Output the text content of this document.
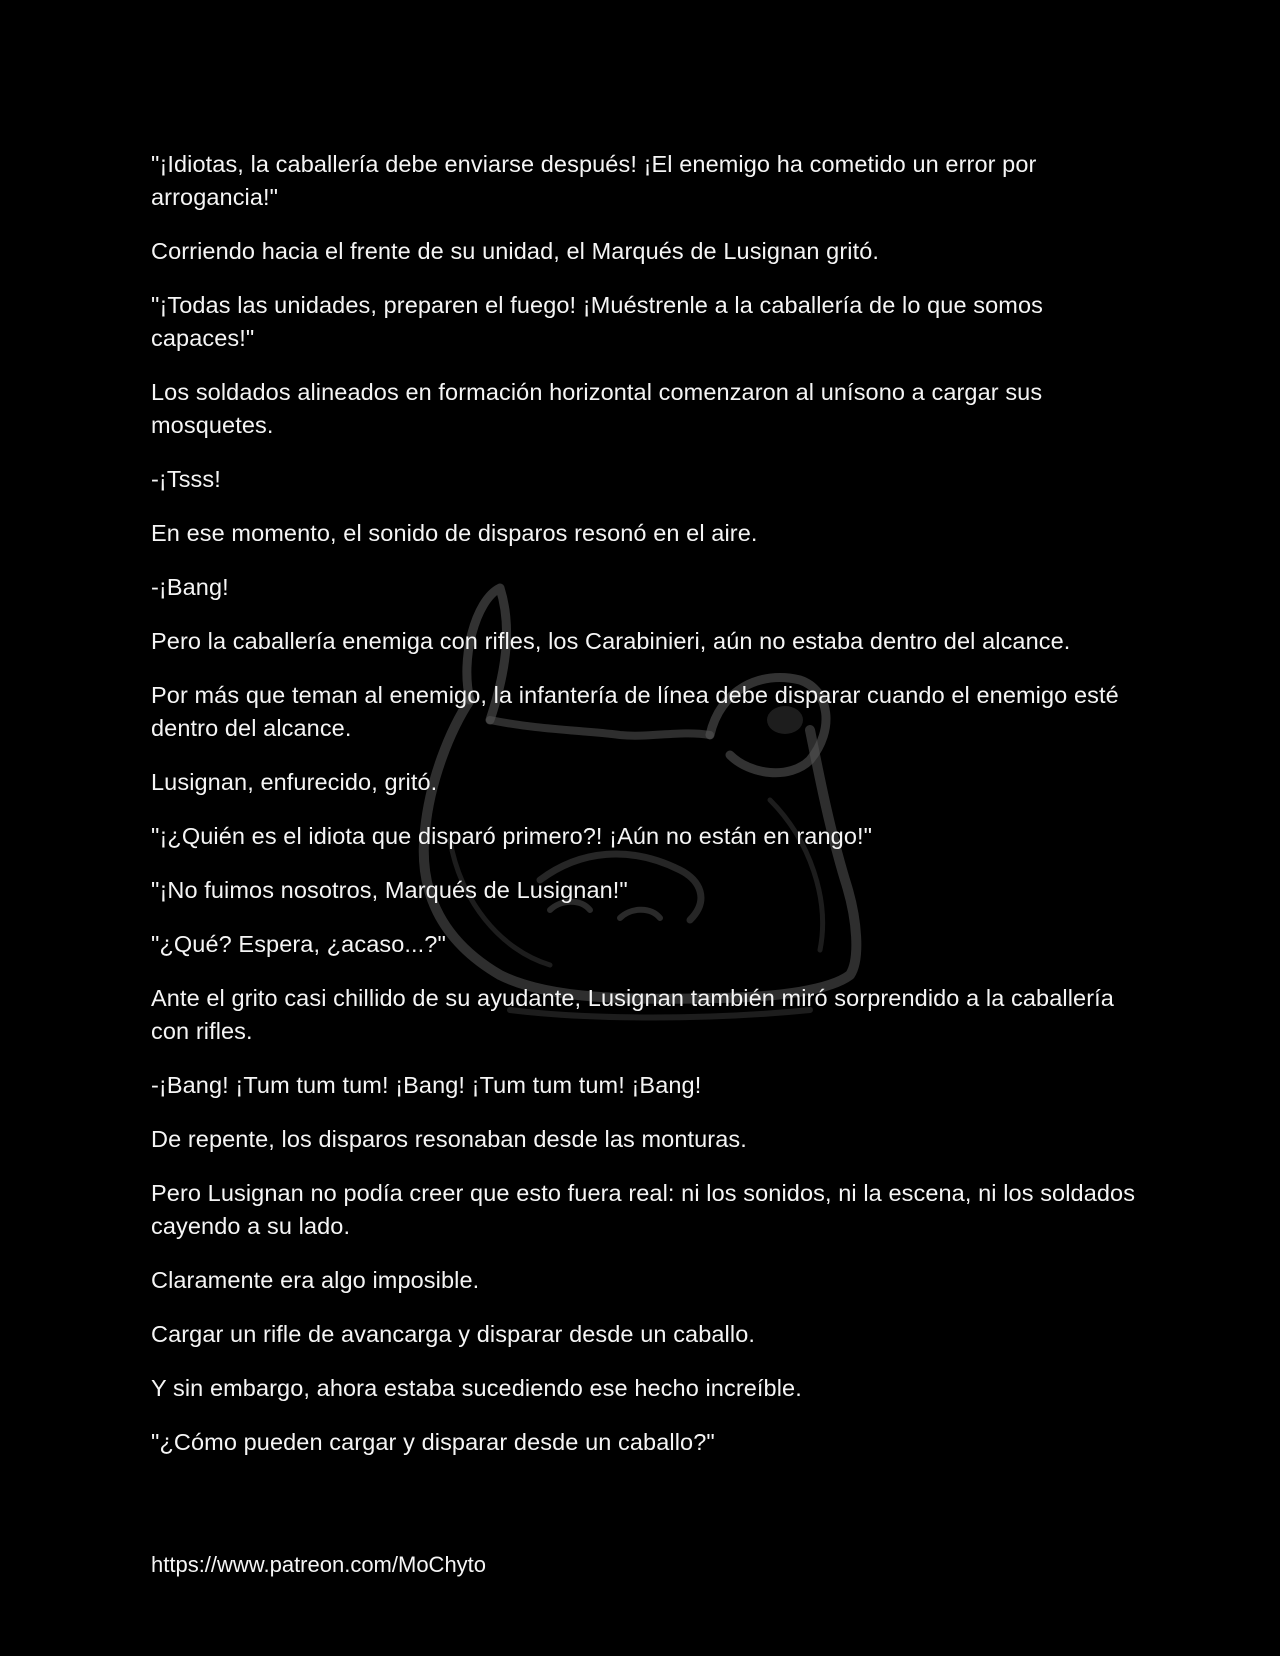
"¡Idiotas, la caballería debe enviarse después! ¡El enemigo ha cometido un error por arrogancia!"

Corriendo hacia el frente de su unidad, el Marqués de Lusignan gritó.

"¡Todas las unidades, preparen el fuego! ¡Muéstrenle a la caballería de lo que somos capaces!"

Los soldados alineados en formación horizontal comenzaron al unísono a cargar sus mosquetes.

-¡Tsss!

En ese momento, el sonido de disparos resonó en el aire.

-¡Bang!

Pero la caballería enemiga con rifles, los Carabinieri, aún no estaba dentro del alcance.

Por más que teman al enemigo, la infantería de línea debe disparar cuando el enemigo esté dentro del alcance.

Lusignan, enfurecido, gritó.

"¡¿Quién es el idiota que disparó primero?! ¡Aún no están en rango!"

"¡No fuimos nosotros, Marqués de Lusignan!"

"¿Qué? Espera, ¿acaso...?"

Ante el grito casi chillido de su ayudante, Lusignan también miró sorprendido a la caballería con rifles.

-¡Bang! ¡Tum tum tum! ¡Bang! ¡Tum tum tum! ¡Bang!

De repente, los disparos resonaban desde las monturas.

Pero Lusignan no podía creer que esto fuera real: ni los sonidos, ni la escena, ni los soldados cayendo a su lado.

Claramente era algo imposible.

Cargar un rifle de avancarga y disparar desde un caballo.

Y sin embargo, ahora estaba sucediendo ese hecho increíble.

"¿Cómo pueden cargar y disparar desde un caballo?"

https://www.patreon.com/MoChyto
